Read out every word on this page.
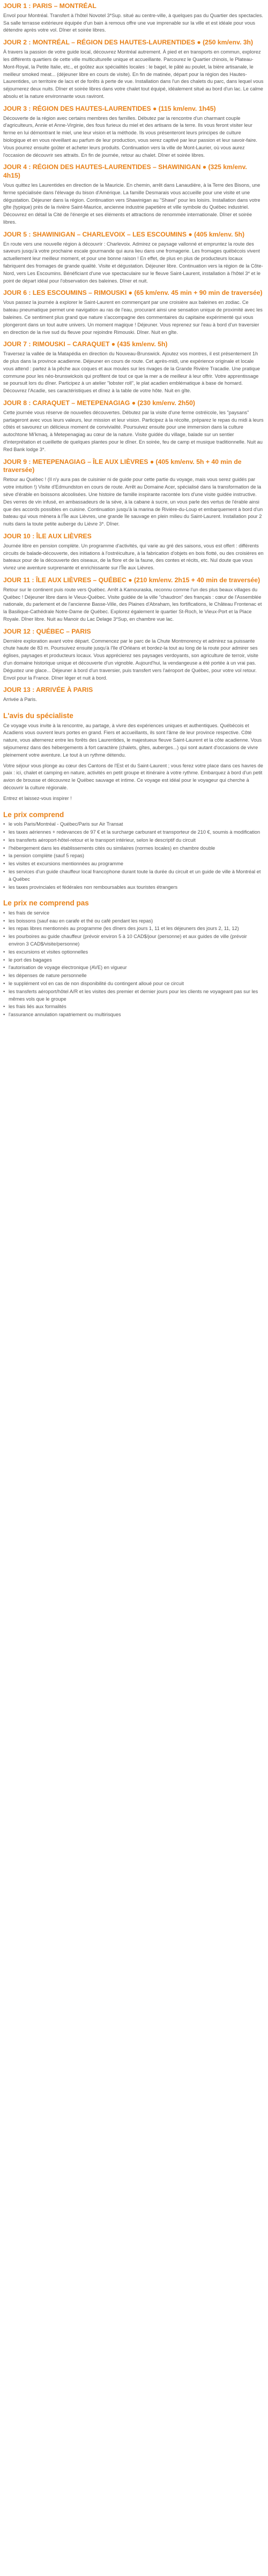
JOUR 1 : PARIS – MONTRÉAL

Envol pour Montréal. Transfert à l'hôtel Novotel 3*Sup. situé au centre-ville, à quelques pas du Quartier des spectacles. Sa salle terrasse extérieure équipée d'un bain à remous offre une vue imprenable sur la ville et est idéale pour vous détendre après votre vol. Dîner et soirée libres.

JOUR 2 : MONTRÉAL – RÉGION DES HAUTES-LAURENTIDES ● (250 km/env. 3h)

À travers la passion de votre guide local, découvrez Montréal autrement. À pied et en transports en commun, explorez les différents quartiers de cette ville multiculturelle unique et accueillante. Parcourez le Quartier chinois, le Plateau-Mont-Royal, la Petite Italie, etc., et goûtez aux spécialités locales : le bagel, le pâté au poulet, la bière artisanale, le meilleur smoked meat... (déjeuner libre en cours de visite). En fin de matinée, départ pour la région des Hautes-Laurentides, un territoire de lacs et de forêts à perte de vue. Installation dans l'un des chalets du parc, dans lequel vous séjournerez deux nuits. Dîner et soirée libres dans votre chalet tout équipé, idéalement situé au bord d'un lac. Le calme absolu et la nature environnante vous raviront.

JOUR 3 : RÉGION DES HAUTES-LAURENTIDES ● (115 km/env. 1h45)

Découverte de la région avec certains membres des familles. Débutez par la rencontre d'un charmant couple d'agriculteurs, Annie et Anne-Virginie, des fous furieux du miel et des artisans de la terre. Ils vous feront visiter leur ferme en lui démontrant le miel, une leur vision et la méthode. Ils vous présenteront leurs principes de culture biologique et en vous réveillant au parfum de leur production, vous serez captivé par leur passion et leur savoir-faire. Vous pourrez ensuite goûter et acheter leurs produits. Continuation vers la ville de Mont-Laurier, où vous aurez l'occasion de découvrir ses attraits. En fin de journée, retour au chalet. Dîner et soirée libres.

JOUR 4 : RÉGION DES HAUTES-LAURENTIDES – SHAWINIGAN ● (325 km/env. 4h15)

Vous quittez les Laurentides en direction de la Mauricie. En chemin, arrêt dans Lanaudière, à la Terre des Bisons, une ferme spécialisée dans l'élevage du bison d'Amérique. La famille Desmarais vous accueille pour une visite et une dégustation. Déjeuner dans la région. Continuation vers Shawinigan au "Shawi" pour les loisirs. Installation dans votre gîte (typique) près de la rivière Saint-Maurice, ancienne industrie papetière et ville symbole du Québec industriel. Découvrez en détail la Cité de l'énergie et ses éléments et attractions de renommée internationale. Dîner et soirée libres.

JOUR 5 : SHAWINIGAN – CHARLEVOIX – LES ESCOUMINS ● (405 km/env. 5h)

En route vers une nouvelle région à découvrir : Charlevoix. Admirez ce paysage vallonné et empruntez la route des saveurs jusqu'à votre prochaine escale gourmande qui aura lieu dans une fromagerie. Les fromages québécois vivent actuellement leur meilleur moment, et pour une bonne raison ! En effet, de plus en plus de producteurs locaux fabriquent des fromages de grande qualité. Visite et dégustation. Déjeuner libre. Continuation vers la région de la Côte-Nord, vers Les Escoumins. Bénéficiant d'une vue spectaculaire sur le fleuve Saint-Laurent, installation à l'hôtel 3* et le point de départ idéal pour l'observation des baleines. Dîner et nuit.

JOUR 6 : LES ESCOUMINS – RIMOUSKI ● (65 km/env. 45 min + 90 min de traversée)

Vous passez la journée à explorer le Saint-Laurent en commençant par une croisière aux baleines en zodiac. Ce bateau pneumatique permet une navigation au ras de l'eau, procurant ainsi une sensation unique de proximité avec les baleines. Ce sentiment plus grand que nature s'accompagne des commentaires du capitaine expérimenté qui vous plongeront dans un tout autre univers. Un moment magique ! Déjeuner. Vous reprenez sur l'eau à bord d'un traversier en direction de la rive sud du fleuve pour rejoindre Rimouski. Dîner. Nuit en gîte.

JOUR 7 : RIMOUSKI – CARAQUET ● (435 km/env. 5h)

Traversez la vallée de la Matapédia en direction du Nouveau-Brunswick. Ajoutez vos montres, il est présentement 1h de plus dans la province acadienne. Déjeuner en cours de route. Cet après-midi, une expérience originale et locale vous attend : partez à la pêche aux coques et aux moules sur les rivages de la Grande Rivière Tracadie. Une pratique commune pour les néo-brunswickois qui profitent de tout ce que la mer a de meilleur à leur offrir. Votre apprentissage se poursuit lors du dîner. Participez à un atelier "lobster roll", le plat acadien emblématique à base de homard. Découvrez l'Acadie, ses caractéristiques et dînez à la table de votre hôte. Nuit en gîte.

JOUR 8 : CARAQUET – METEPENAGIAG ● (230 km/env. 2h50)

Cette journée vous réserve de nouvelles découvertes. Débutez par la visite d'une ferme ostréicole, les "paysans" partageront avec vous leurs valeurs, leur mission et leur vision. Participez à la récolte, préparez le repas du midi à leurs côtés et savourez un délicieux moment de convivialité. Poursuivez ensuite pour une immersion dans la culture autochtone Mi'kmaq, à Metepenagiag au cœur de la nature. Visite guidée du village, balade sur un sentier d'interprétation et cueillette de quelques plantes pour le dîner. En soirée, feu de camp et musique traditionnelle. Nuit au Red Bank lodge 3*.

JOUR 9 : METEPENAGIAG – ÎLE AUX LIÈVRES ● (405 km/env. 5h + 40 min de traversée)

Retour au Québec ! (Il n'y aura pas de cuisinier ni de guide pour cette partie du voyage, mais vous serez guidés par votre intuition !) Visite d'Edmundston en cours de route. Arrêt au Domaine Acer, spécialisé dans la transformation de la sève d'érable en boissons alcoolisées. Une histoire de famille inspirante racontée lors d'une visite guidée instructive. Des verres de vin infusé, en ambassadeurs de la sève, à la cabane à sucre, un vous parle des vertus de l'érable ainsi que des accords possibles en cuisine. Continuation jusqu'à la marina de Rivière-du-Loup et embarquement à bord d'un bateau qui vous mènera à l'Île aux Lièvres, une grande île sauvage en plein milieu du Saint-Laurent. Installation pour 2 nuits dans la toute petite auberge du Lièvre 3*. Dîner.

JOUR 10 : ÎLE AUX LIÈVRES

Journée libre en pension complète. Un programme d'activités, qui varie au gré des saisons, vous est offert : différents circuits de balade-découverte, des initiations à l'ostréiculture, à la fabrication d'objets en bois flotté, ou des croisières en bateaux pour de la découverte des oiseaux, de la flore et de la faune, des contes et récits, etc. Nul doute que vous vivrez une aventure surprenante et enrichissante sur l'Île aux Lièvres.

JOUR 11 : ÎLE AUX LIÈVRES – QUÉBEC ● (210 km/env. 2h15 + 40 min de traversée)

Retour sur le continent puis route vers Québec. Arrêt à Kamouraska, reconnu comme l'un des plus beaux villages du Québec ! Déjeuner libre dans le Vieux-Québec. Visite guidée de la ville "chaudron" des français : cœur de l'Assemblée nationale, du parlement et de l'ancienne Basse-Ville, des Plaines d'Abraham, les fortifications, le Château Frontenac et la Basilique-Cathédrale Notre-Dame de Québec. Explorez également le quartier St-Roch, le Vieux-Port et la Place Royale. Dîner libre. Nuit au Manoir du Lac Delage 3*Sup, en chambre vue lac.

JOUR 12 : QUÉBEC – PARIS

Dernière exploration avant votre départ. Commencez par le parc de la Chute Montmorency et admirez sa puissante chute haute de 83 m. Poursuivez ensuite jusqu'à l'île d'Orléans et bordez-la tout au long de la route pour admirer ses églises, paysages et producteurs locaux. Vous apprécierez ses paysages verdoyants, son agriculture de terroir, visite d'un domaine historique unique et découverte d'un vignoble. Aujourd'hui, la vendangeuse a été portée à un vrai pas. Dégustez une glace... Déjeuner à bord d'un traversier, puis transfert vers l'aéroport de Québec, pour votre vol retour. Envol pour la France. Dîner léger et nuit à bord.

JOUR 13 : ARRIVÉE À PARIS

Arrivée à Paris.

L'avis du spécialiste

Ce voyage vous invite à la rencontre, au partage, à vivre des expériences uniques et authentiques. Québécois et Acadiens vous ouvrent leurs portes en grand. Fiers et accueillants, ils sont l'âme de leur province respective. Côté nature, vous alternerez entre les forêts des Laurentides, le majestueux fleuve Saint-Laurent et la côte acadienne. Vous séjournerez dans des hébergements à fort caractère (chalets, gîtes, auberges...) qui sont autant d'occasions de vivre pleinement votre aventure. Le tout à un rythme détendu.

Votre séjour vous plonge au cœur des Cantons de l'Est et du Saint-Laurent ; vous ferez votre place dans ces havres de paix : ici, chalet et camping en nature, activités en petit groupe et itinéraire à votre rythme. Embarquez à bord d'un petit avion de brousse et découvrez le Québec sauvage et intime. Ce voyage est idéal pour le voyageur qui cherche à découvrir la culture régionale.

Entrez et laissez-vous inspirer !

Le prix comprend
• le vols Paris/Montréal - Québec/Paris sur Air Transat
• les taxes aériennes + redevances de 97 € et la surcharge carburant et transporteur de 210 €, soumis à modification
• les transferts aéroport-hôtel-retour et le transport intérieur, selon le descriptif du circuit
• l'hébergement dans les établissements cités ou similaires (normes locales) en chambre double
• la pension complète (sauf 5 repas)
• les visites et excursions mentionnées au programme
• les services d'un guide chauffeur local francophone durant toute la durée du circuit et un guide de ville à Montréal et à Québec
• les taxes provinciales et fédérales non remboursables aux touristes étrangers
Le prix ne comprend pas
• les frais de service
• les boissons (sauf eau en carafe et thé ou café pendant les repas)
• les repas libres mentionnés au programme (les dîners des jours 1, 11 et les déjeuners des jours 2, 11, 12)
• les pourboires au guide chauffeur (prévoir environ 5 à 10 CAD$/jour (personne) et aux guides de ville (prévoir environ 3 CAD$/visite/personne)
• les excursions et visites optionnelles
• le port des bagages
• l'autorisation de voyage électronique (AVE) en vigueur
• les dépenses de nature personnelle
• le supplément vol en cas de non disponibilité du contingent alloué pour ce circuit
• les transferts aéroport/hôtel A/R et les visites des premier et dernier jours pour les clients ne voyageant pas sur les mêmes vols que le groupe
• les frais liés aux formalités
• l'assurance annulation rapatriement ou multirisques
